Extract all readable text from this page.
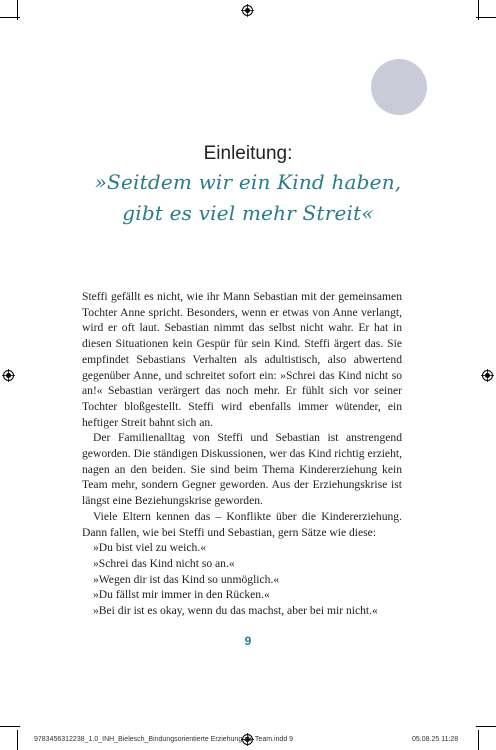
Einleitung:
»Seitdem wir ein Kind haben,
gibt es viel mehr Streit«

Steffi gefällt es nicht, wie ihr Mann Sebastian mit der gemeinsamen Tochter Anne spricht. Besonders, wenn er etwas von Anne verlangt, wird er oft laut. Sebastian nimmt das selbst nicht wahr. Er hat in diesen Situationen kein Gespür für sein Kind. Steffi ärgert das. Sie empfindet Sebastians Verhalten als adultistisch, also abwertend gegenüber Anne, und schreitet sofort ein: »Schrei das Kind nicht so an!« Sebastian verärgert das noch mehr. Er fühlt sich vor seiner Tochter bloßgestellt. Steffi wird ebenfalls immer wütender, ein heftiger Streit bahnt sich an.

Der Familienalltag von Steffi und Sebastian ist anstrengend geworden. Die ständigen Diskussionen, wer das Kind richtig erzieht, nagen an den beiden. Sie sind beim Thema Kindererziehung kein Team mehr, sondern Gegner geworden. Aus der Erziehungskrise ist längst eine Beziehungskrise geworden.

Viele Eltern kennen das – Konflikte über die Kindererziehung. Dann fallen, wie bei Steffi und Sebastian, gern Sätze wie diese:

»Du bist viel zu weich.«

»Schrei das Kind nicht so an.«

»Wegen dir ist das Kind so unmöglich.«

»Du fällst mir immer in den Rücken.«

»Bei dir ist es okay, wenn du das machst, aber bei mir nicht.«

9
9783456312238_1.0_INH_Bielesch_Bindungsorientierte Erziehung als Team.indd 9	05.08.25 11:28
